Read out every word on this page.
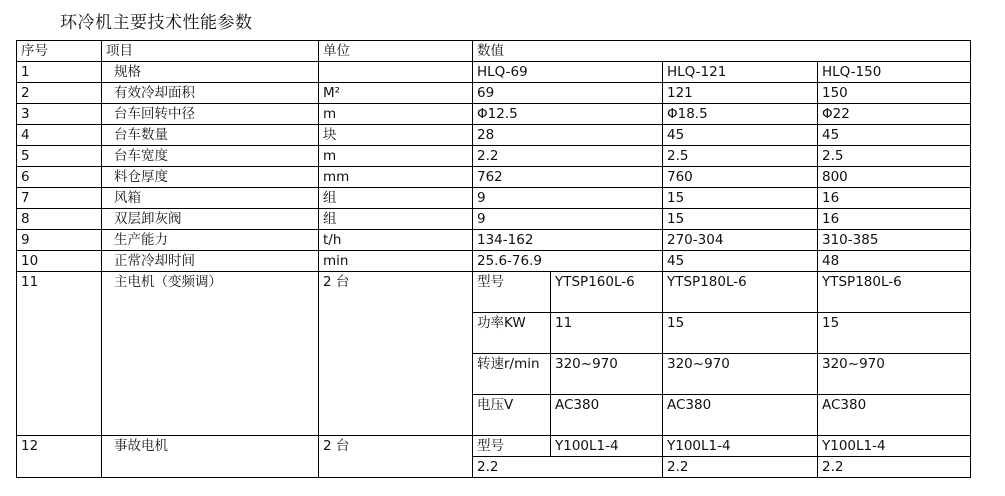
环冷机主要技术性能参数
序号	项目	单位	数值			
1	规格		HLQ-69		HLQ-121	HLQ-150
2	有效冷却面积	M²	69		121	150
3	台车回转中径	m	Φ12.5		Φ18.5	Φ22
4	台车数量	块	28		45	45
5	台车宽度	m	2.2		2.5	2.5
6	料仓厚度	mm	762		760	800
7	风箱	组	9		15	16
8	双层卸灰阀	组	9		15	16
9	生产能力	t/h	134-162		270-304	310-385
10	正常冷却时间	min	25.6-76.9		45	48
11	主电机（变频调）	2 台	型号	YTSP160L-6	YTSP180L-6	YTSP180L-6
			功率KW	11	15	15
			转速r/min	320~970	320~970	320~970
			电压V	AC380	AC380	AC380
12	事故电机	2 台	型号	Y100L1-4	Y100L1-4	Y100L1-4
			2.2		2.2	2.2
